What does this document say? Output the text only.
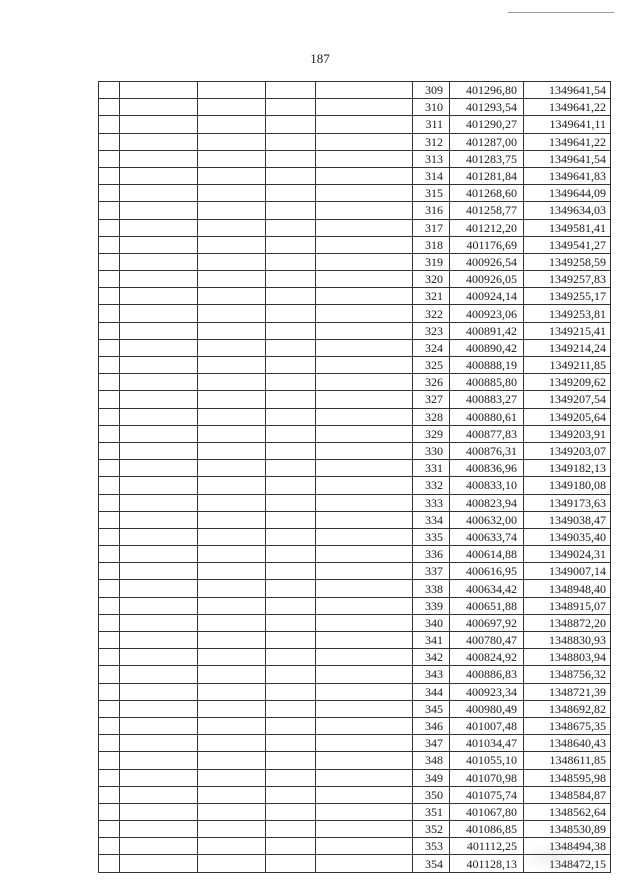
187
					309	401296,80	1349641,54
					310	401293,54	1349641,22
					311	401290,27	1349641,11
					312	401287,00	1349641,22
					313	401283,75	1349641,54
					314	401281,84	1349641,83
					315	401268,60	1349644,09
					316	401258,77	1349634,03
					317	401212,20	1349581,41
					318	401176,69	1349541,27
					319	400926,54	1349258,59
					320	400926,05	1349257,83
					321	400924,14	1349255,17
					322	400923,06	1349253,81
					323	400891,42	1349215,41
					324	400890,42	1349214,24
					325	400888,19	1349211,85
					326	400885,80	1349209,62
					327	400883,27	1349207,54
					328	400880,61	1349205,64
					329	400877,83	1349203,91
					330	400876,31	1349203,07
					331	400836,96	1349182,13
					332	400833,10	1349180,08
					333	400823,94	1349173,63
					334	400632,00	1349038,47
					335	400633,74	1349035,40
					336	400614,88	1349024,31
					337	400616,95	1349007,14
					338	400634,42	1348948,40
					339	400651,88	1348915,07
					340	400697,92	1348872,20
					341	400780,47	1348830,93
					342	400824,92	1348803,94
					343	400886,83	1348756,32
					344	400923,34	1348721,39
					345	400980,49	1348692,82
					346	401007,48	1348675,35
					347	401034,47	1348640,43
					348	401055,10	1348611,85
					349	401070,98	1348595,98
					350	401075,74	1348584,87
					351	401067,80	1348562,64
					352	401086,85	1348530,89
					353	401112,25	1348494,38
					354	401128,13	1348472,15
